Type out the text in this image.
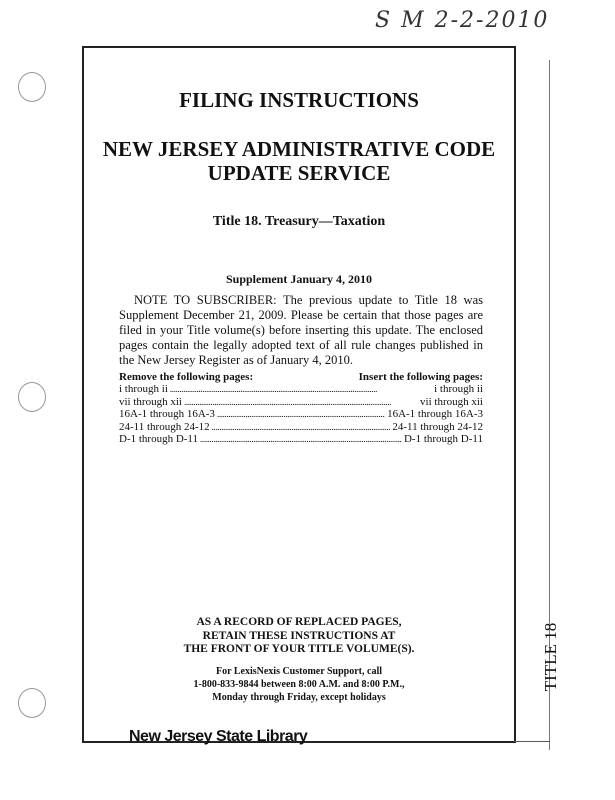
S M 2-2-2010
TITLE 18
FILING INSTRUCTIONS
NEW JERSEY ADMINISTRATIVE CODE
UPDATE SERVICE
Title 18. Treasury—Taxation
Supplement January 4, 2010
NOTE TO SUBSCRIBER: The previous update to Title 18 was Supplement December 21, 2009. Please be certain that those pages are filed in your Title volume(s) before inserting this update. The enclosed pages contain the legally adopted text of all rule changes published in the New Jersey Register as of January 4, 2010.
Remove the following pages:	Insert the following pages:
i through ii . . .	i through ii
vii through xii . . .	vii through xii
16A-1 through 16A-3 . . .	16A-1 through 16A-3
24-11 through 24-12 . . .	24-11 through 24-12
D-1 through D-11 . . .	D-1 through D-11
AS A RECORD OF REPLACED PAGES,
RETAIN THESE INSTRUCTIONS AT
THE FRONT OF YOUR TITLE VOLUME(S).
For LexisNexis Customer Support, call
1-800-833-9844 between 8:00 A.M. and 8:00 P.M.,
Monday through Friday, except holidays
New Jersey State Library
